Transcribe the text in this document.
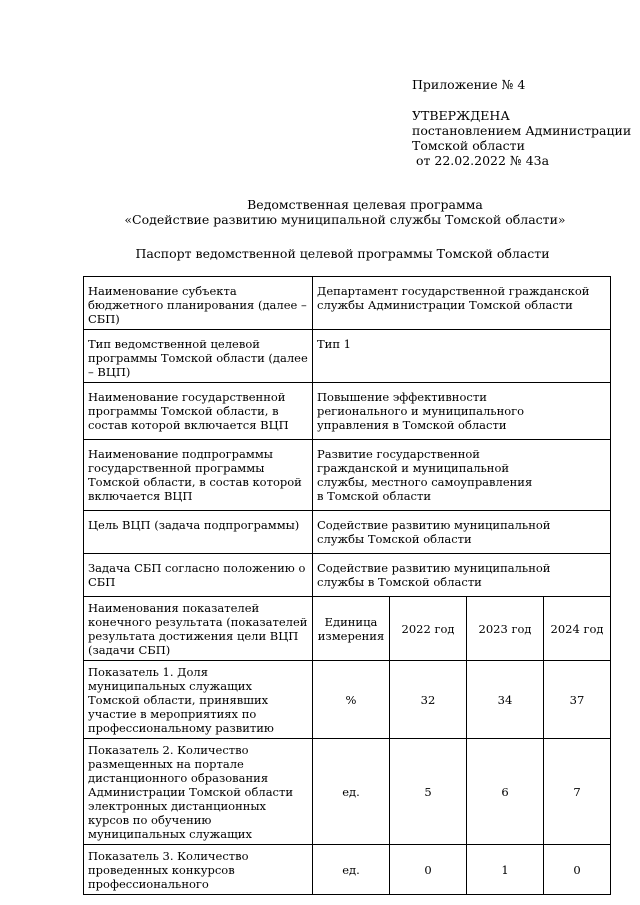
Приложение № 4
УТВЕРЖДЕНА
постановлением Администрации
Томской области
от 22.02.2022 № 43а
Ведомственная целевая программа
«Содействие развитию муниципальной службы Томской области»
Паспорт ведомственной целевой программы Томской области
Наименование субъекта бюджетного планирования (далее – СБП)	Департамент государственной гражданской службы Администрации Томской области			
Тип ведомственной целевой программы Томской области (далее – ВЦП)	Тип 1			
Наименование государственной программы Томской области, в состав которой включается ВЦП	Повышение эффективности регионального и муниципального управления в Томской области			
Наименование подпрограммы государственной программы Томской области, в состав которой включается ВЦП	Развитие государственной гражданской и муниципальной службы, местного самоуправления в Томской области			
Цель ВЦП (задача подпрограммы)	Содействие развитию муниципальной службы Томской области			
Задача СБП согласно положению о СБП	Содействие развитию муниципальной службы в Томской области			
Наименования показателей конечного результата (показателей результата достижения цели ВЦП (задачи СБП)	Единица измерения	2022 год	2023 год	2024 год
Показатель 1. Доля муниципальных служащих Томской области, принявших участие в мероприятиях по профессиональному развитию	%	32	34	37
Показатель 2. Количество размещенных на портале дистанционного образования Администрации Томской области электронных дистанционных курсов по обучению муниципальных служащих	ед.	5	6	7
Показатель 3. Количество проведенных конкурсов профессионального	ед.	0	1	0
